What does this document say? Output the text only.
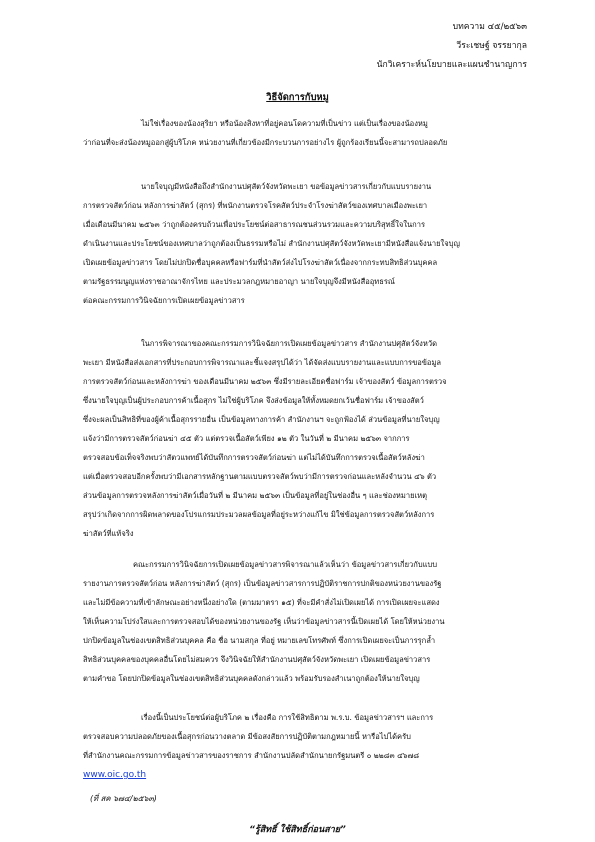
บทความ ๔๕/๒๕๖๓
วีระเชษฐ์ จรรยากุล
นักวิเคราะห์นโยบายและแผนชำนาญการ
วิธีจัดการกับหมู
ไม่ใช่เรื่องของน้องสุริยา หรือน้องสิงหาที่อยู่คอนโดความที่เป็นข่าว แต่เป็นเรื่องของน้องหมู
ว่าก่อนที่จะส่งน้องหมูออกสู่ผู้บริโภค หน่วยงานที่เกี่ยวข้องมีกระบวนการอย่างไร ผู้ถูกร้องเรียนนี้จะสามารถปลอดภัย
นายใจบุญมีหนังสือถึงสำนักงานปศุสัตว์จังหวัดพะเยา ขอข้อมูลข่าวสารเกี่ยวกับแบบรายงาน
การตรวจสัตว์ก่อน หลังการฆ่าสัตว์ (สุกร) ที่พนักงานตรวจโรคสัตว์ประจำโรงฆ่าสัตว์ของเทศบาลเมืองพะเยา
เมื่อเดือนมีนาคม ๒๕๖๓ ว่าถูกต้องครบถ้วนเพื่อประโยชน์ต่อสาธารณชนส่วนรวมและความบริสุทธิ์ใจในการ
ดำเนินงานและประโยชน์ของเทศบาลว่าถูกต้องเป็นธรรมหรือไม่ สำนักงานปศุสัตว์จังหวัดพะเยามีหนังสือแจ้งนายใจบุญ
เปิดเผยข้อมูลข่าวสาร โดยไม่ปกปิดชื่อบุคคลหรือฟาร์มที่นำสัตว์ส่งไปโรงฆ่าสัตว์เนื่องจากกระทบสิทธิส่วนบุคคล
ตามรัฐธรรมนูญแห่งราชอาณาจักรไทย และประมวลกฎหมายอาญา นายใจบุญจึงมีหนังสืออุทธรณ์
ต่อคณะกรรมการวินิจฉัยการเปิดเผยข้อมูลข่าวสาร
ในการพิจารณาของคณะกรรมการวินิจฉัยการเปิดเผยข้อมูลข่าวสาร สำนักงานปศุสัตว์จังหวัด
พะเยา มีหนังสือส่งเอกสารที่ประกอบการพิจารณาและชี้แจงสรุปได้ว่า ได้จัดส่งแบบรายงานและแบบการขอข้อมูล
การตรวจสัตว์ก่อนและหลังการฆ่า ของเดือนมีนาคม ๒๕๖๓ ซึ่งมีรายละเอียดชื่อฟาร์ม เจ้าของสัตว์ ข้อมูลการตรวจ
ซึ่งนายใจบุญเป็นผู้ประกอบการค้าเนื้อสุกร ไม่ใช่ผู้บริโภค จึงส่งข้อมูลให้ทั้งหมดยกเว้นชื่อฟาร์ม เจ้าของสัตว์
ซึ่งจะผลเป็นสิทธิที่ของผู้ค้าเนื้อสุกรรายอื่น เป็นข้อมูลทางการค้า สำนักงานฯ จะถูกฟ้องได้ ส่วนข้อมูลที่นายใจบุญ
แจ้งว่ามีการตรวจสัตว์ก่อนฆ่า ๔๕ ตัว แต่ตรวจเนื้อสัตว์เพียง ๑๒ ตัว ในวันที่ ๒ มีนาคม ๒๕๖๓ จากการ
ตรวจสอบข้อเท็จจริงพบว่าสัตวแพทย์ได้บันทึกการตรวจสัตว์ก่อนฆ่า แต่ไม่ได้บันทึกการตรวจเนื้อสัตว์หลังฆ่า
แต่เมื่อตรวจสอบอีกครั้งพบว่ามีเอกสารหลักฐานตามแบบตรวจสัตว์พบว่ามีการตรวจก่อนและหลังจำนวน ๔๖ ตัว
ส่วนข้อมูลการตรวจหลังการฆ่าสัตว์เมื่อวันที่ ๒ มีนาคม ๒๕๖๓ เป็นข้อมูลที่อยู่ในช่องอื่น ๆ และช่องหมายเหตุ
สรุปว่าเกิดจากการผิดพลาดของโปรแกรมประมวลผลข้อมูลที่อยู่ระหว่างแก้ไข มิใช่ข้อมูลการตรวจสัตว์หลังการ
ฆ่าสัตว์ที่แท้จริง
คณะกรรมการวินิจฉัยการเปิดเผยข้อมูลข่าวสารพิจารณาแล้วเห็นว่า ข้อมูลข่าวสารเกี่ยวกับแบบ
รายงานการตรวจสัตว์ก่อน หลังการฆ่าสัตว์ (สุกร) เป็นข้อมูลข่าวสารการปฏิบัติราชการปกติของหน่วยงานของรัฐ
และไม่มีข้อความที่เข้าลักษณะอย่างหนึ่งอย่างใด (ตามมาตรา ๑๕) ที่จะมีคำสั่งไม่เปิดเผยได้ การเปิดเผยจะแสดง
ให้เห็นความโปร่งใสและการตรวจสอบได้ของหน่วยงานของรัฐ เห็นว่าข้อมูลข่าวสารนี้เปิดเผยได้ โดยให้หน่วยงาน
ปกปิดข้อมูลในช่องเขตสิทธิส่วนบุคคล คือ ชื่อ นามสกุล ที่อยู่ หมายเลขโทรศัพท์ ซึ่งการเปิดเผยจะเป็นการรุกล้ำ
สิทธิส่วนบุคคลของบุคคลอื่นโดยไม่สมควร จึงวินิจฉัยให้สำนักงานปศุสัตว์จังหวัดพะเยา เปิดเผยข้อมูลข่าวสาร
ตามคำขอ โดยปกปิดข้อมูลในช่องเขตสิทธิส่วนบุคคลดังกล่าวแล้ว พร้อมรับรองสำเนาถูกต้องให้นายใจบุญ
เรื่องนี้เป็นประโยชน์ต่อผู้บริโภค ๒ เรื่องคือ การใช้สิทธิตาม พ.ร.บ. ข้อมูลข่าวสารฯ และการ
ตรวจสอบความปลอดภัยของเนื้อสุกรก่อนวางตลาด มีข้อสงสัยการปฏิบัติตามกฎหมายนี้ หารือไปได้ครับ
ที่สำนักงานคณะกรรมการข้อมูลข่าวสารของราชการ สำนักงานปลัดสำนักนายกรัฐมนตรี ๐ ๒๒๘๓ ๔๖๗๘
www.oic.go.th
(ที่ สค ๖๗๔/๒๕๖๓)
“รู้สิทธิ์ ใช้สิทธิ์ก่อนสาย”
